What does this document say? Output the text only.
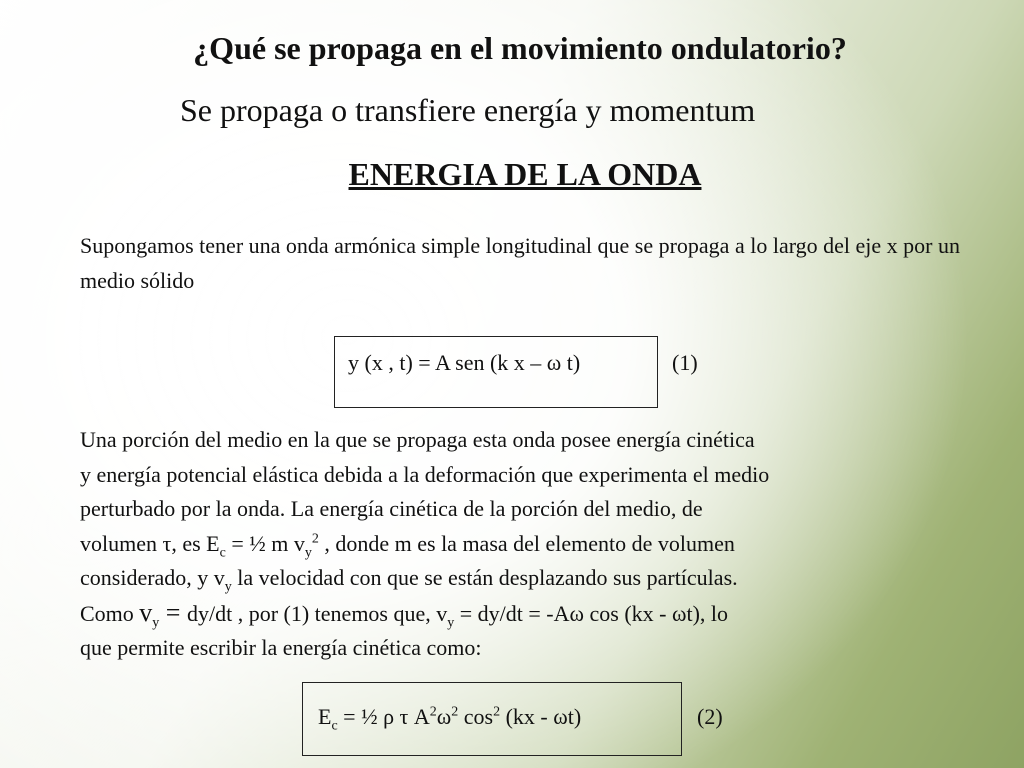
¿Qué se propaga en el movimiento ondulatorio?
Se propaga o transfiere energía y momentum
ENERGIA DE LA ONDA
Supongamos tener una onda armónica simple longitudinal que se propaga a lo largo del eje x por un medio sólido
y (x , t) = A sen (k x – ω t)	(1)
Una porción del medio en la que se propaga esta onda posee energía cinética
y energía potencial elástica debida a la deformación que experimenta el medio
perturbado por la onda. La energía cinética de la porción del medio, de
volumen τ, es $E_c$ = ½ m $v_y^2$ , donde m es la masa del elemento de volumen
considerado, y $v_y$ la velocidad con que se están desplazando sus partículas.
Como $v_y = dy/dt$ , por (1) tenemos que, $v_y = dy/dt = -A\omega$ cos (kx - ωt), lo
que permite escribir la energía cinética como:
$E_c$ = ½ ρ τ $A^2\omega^2$ $\cos^2 (kx - \omega t)$	(2)
